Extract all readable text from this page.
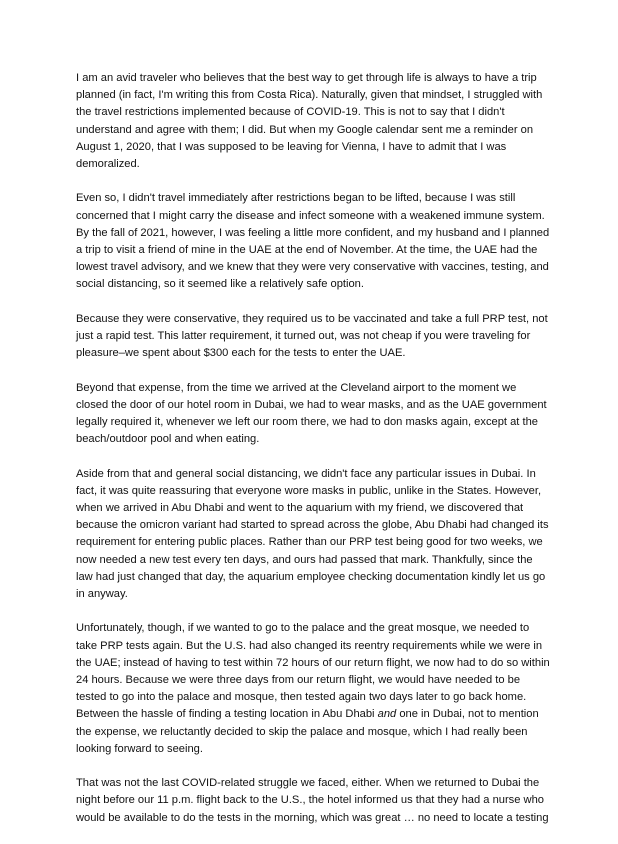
I am an avid traveler who believes that the best way to get through life is always to have a trip
planned (in fact, I'm writing this from Costa Rica). Naturally, given that mindset, I struggled with
the travel restrictions implemented because of COVID-19. This is not to say that I didn't
understand and agree with them; I did. But when my Google calendar sent me a reminder on
August 1, 2020, that I was supposed to be leaving for Vienna, I have to admit that I was
demoralized.

Even so, I didn't travel immediately after restrictions began to be lifted, because I was still
concerned that I might carry the disease and infect someone with a weakened immune system.
By the fall of 2021, however, I was feeling a little more confident, and my husband and I planned
a trip to visit a friend of mine in the UAE at the end of November. At the time, the UAE had the
lowest travel advisory, and we knew that they were very conservative with vaccines, testing, and
social distancing, so it seemed like a relatively safe option.

Because they were conservative, they required us to be vaccinated and take a full PRP test, not
just a rapid test. This latter requirement, it turned out, was not cheap if you were traveling for
pleasure–we spent about $300 each for the tests to enter the UAE.

Beyond that expense, from the time we arrived at the Cleveland airport to the moment we
closed the door of our hotel room in Dubai, we had to wear masks, and as the UAE government
legally required it, whenever we left our room there, we had to don masks again, except at the
beach/outdoor pool and when eating.

Aside from that and general social distancing, we didn't face any particular issues in Dubai. In
fact, it was quite reassuring that everyone wore masks in public, unlike in the States. However,
when we arrived in Abu Dhabi and went to the aquarium with my friend, we discovered that
because the omicron variant had started to spread across the globe, Abu Dhabi had changed its
requirement for entering public places. Rather than our PRP test being good for two weeks, we
now needed a new test every ten days, and ours had passed that mark. Thankfully, since the
law had just changed that day, the aquarium employee checking documentation kindly let us go
in anyway.

Unfortunately, though, if we wanted to go to the palace and the great mosque, we needed to
take PRP tests again. But the U.S. had also changed its reentry requirements while we were in
the UAE; instead of having to test within 72 hours of our return flight, we now had to do so within
24 hours. Because we were three days from our return flight, we would have needed to be
tested to go into the palace and mosque, then tested again two days later to go back home.
Between the hassle of finding a testing location in Abu Dhabi and one in Dubai, not to mention
the expense, we reluctantly decided to skip the palace and mosque, which I had really been
looking forward to seeing.

That was not the last COVID-related struggle we faced, either. When we returned to Dubai the
night before our 11 p.m. flight back to the U.S., the hotel informed us that they had a nurse who
would be available to do the tests in the morning, which was great … no need to locate a testing
